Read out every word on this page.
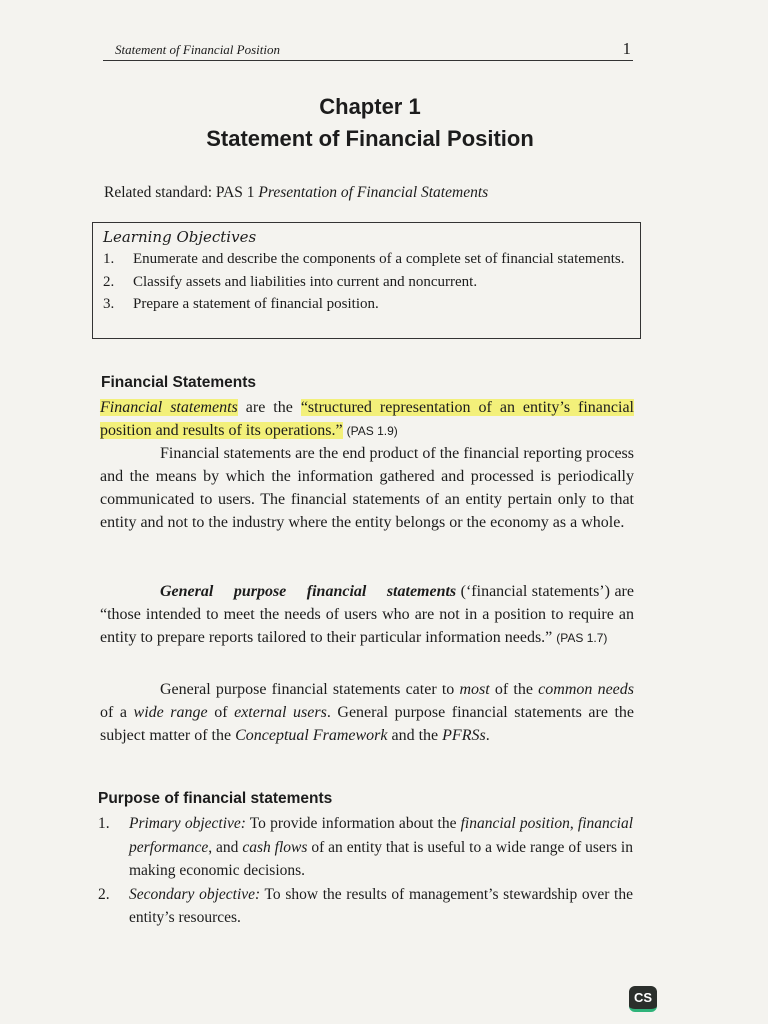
Statement of Financial Position	1
Chapter 1
Statement of Financial Position
Related standard: PAS 1 Presentation of Financial Statements
Learning Objectives
1. Enumerate and describe the components of a complete set of financial statements.
2. Classify assets and liabilities into current and noncurrent.
3. Prepare a statement of financial position.
Financial Statements
Financial statements are the “structured representation of an entity’s financial position and results of its operations.” (PAS 1.9)
Financial statements are the end product of the financial reporting process and the means by which the information gathered and processed is periodically communicated to users. The financial statements of an entity pertain only to that entity and not to the industry where the entity belongs or the economy as a whole.
General purpose financial statements (‘financial statements’) are “those intended to meet the needs of users who are not in a position to require an entity to prepare reports tailored to their particular information needs.” (PAS 1.7)
General purpose financial statements cater to most of the common needs of a wide range of external users. General purpose financial statements are the subject matter of the Conceptual Framework and the PFRSs.
Purpose of financial statements
1. Primary objective: To provide information about the financial position, financial performance, and cash flows of an entity that is useful to a wide range of users in making economic decisions.
2. Secondary objective: To show the results of management’s stewardship over the entity’s resources.
CS
